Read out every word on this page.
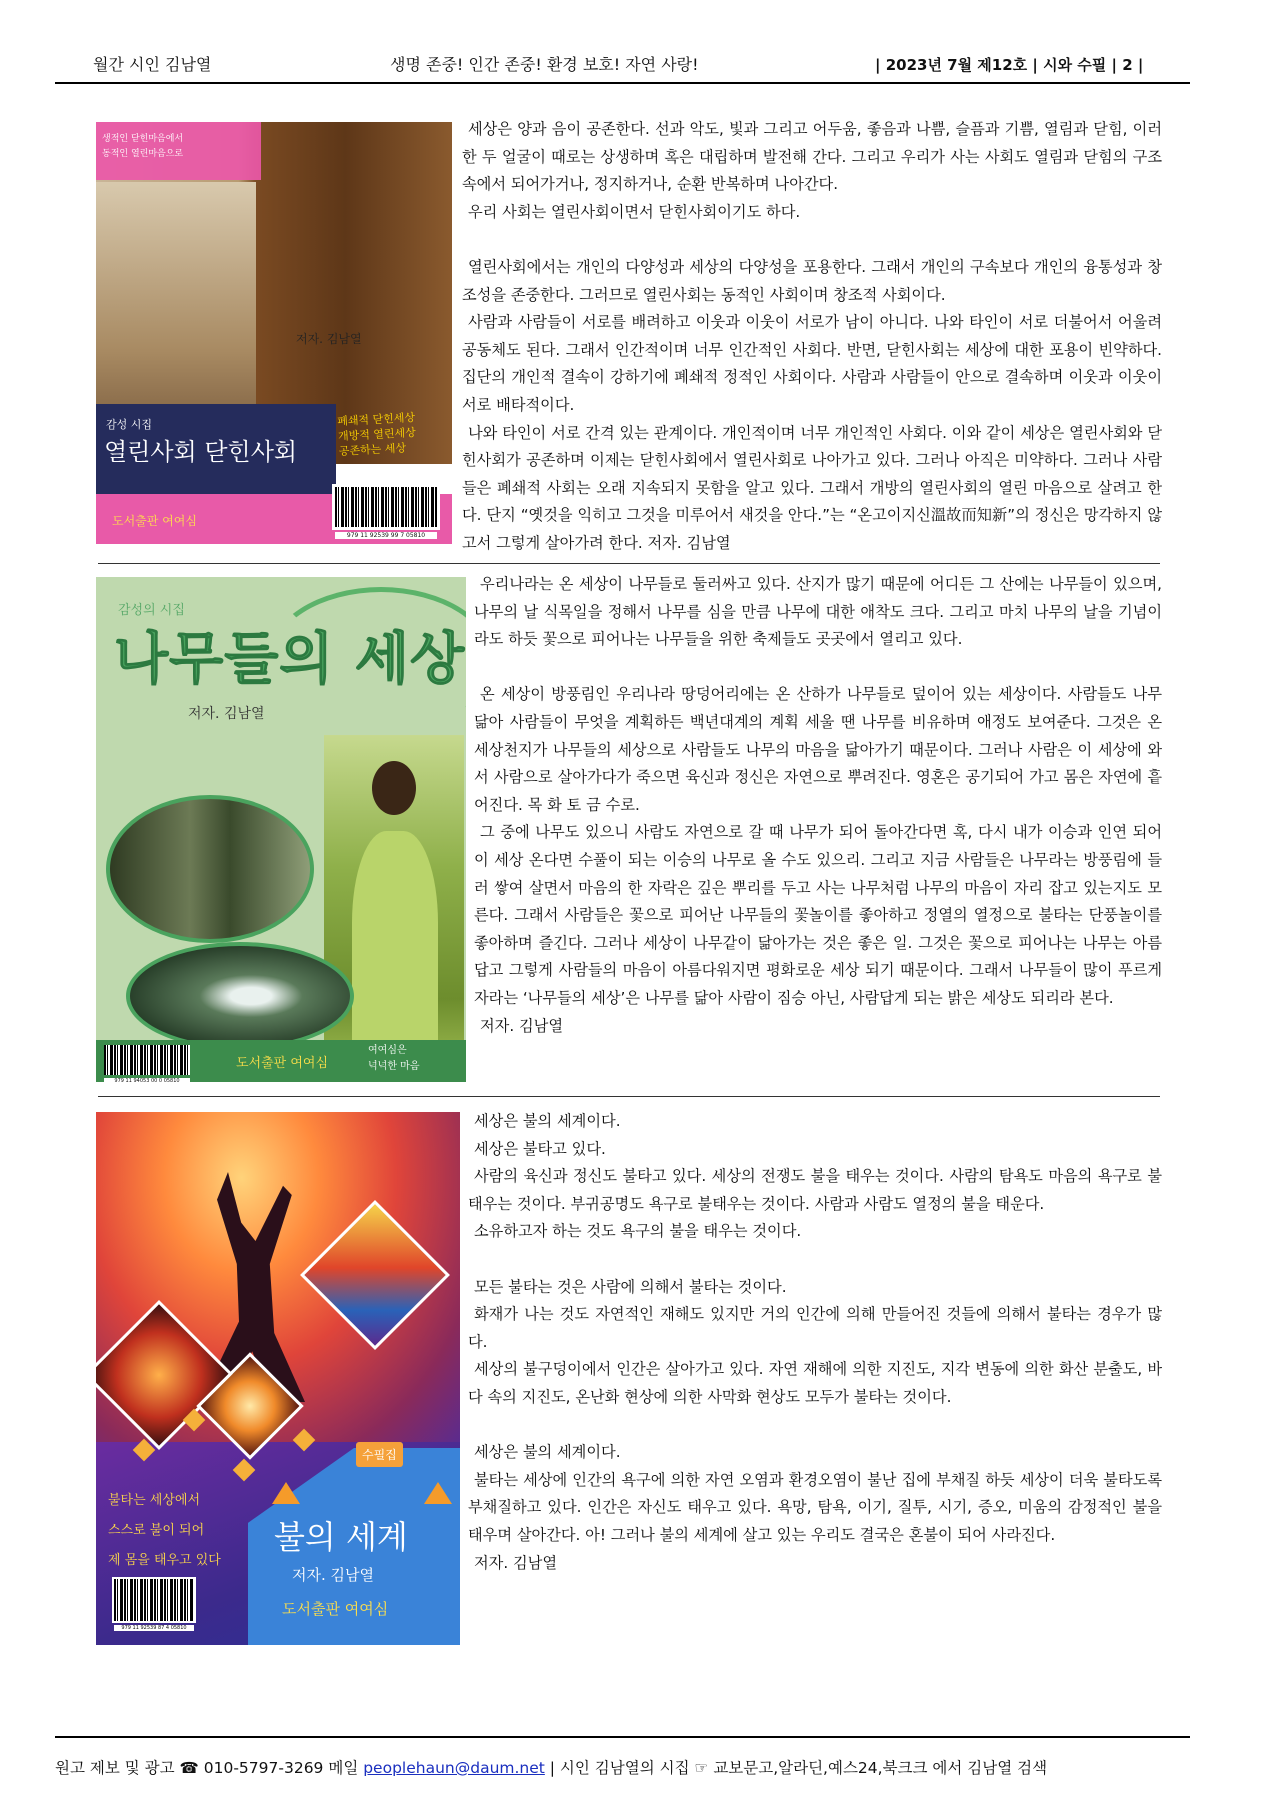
월간 시인 김남열	생명 존중! 인간 존중! 환경 보호! 자연 사랑!	| 2023년 7월 제12호 | 시와 수필 | 2 |
생적인 닫힌마음에서
동적인 열린마음으로
저자. 김남열
감성 시집
열린사회 닫힌사회
폐쇄적 닫힌세상
개방적 열린세상
공존하는 세상
도서출판 여여심
979 11 92539 99 7 05810

세상은 양과 음이 공존한다. 선과 악도, 빛과 그리고 어두움, 좋음과 나쁨, 슬픔과 기쁨, 열림과 닫힘, 이러한 두 얼굴이 때로는 상생하며 혹은 대립하며 발전해 간다. 그리고 우리가 사는 사회도 열림과 닫힘의 구조 속에서 되어가거나, 정지하거나, 순환 반복하며 나아간다.

우리 사회는 열린사회이면서 닫힌사회이기도 하다.

열린사회에서는 개인의 다양성과 세상의 다양성을 포용한다. 그래서 개인의 구속보다 개인의 융통성과 창조성을 존중한다. 그러므로 열린사회는 동적인 사회이며 창조적 사회이다.

사람과 사람들이 서로를 배려하고 이웃과 이웃이 서로가 남이 아니다. 나와 타인이 서로 더불어서 어울려 공동체도 된다. 그래서 인간적이며 너무 인간적인 사회다. 반면, 닫힌사회는 세상에 대한 포용이 빈약하다. 집단의 개인적 결속이 강하기에 폐쇄적 정적인 사회이다. 사람과 사람들이 안으로 결속하며 이웃과 이웃이 서로 배타적이다.

나와 타인이 서로 간격 있는 관계이다. 개인적이며 너무 개인적인 사회다. 이와 같이 세상은 열린사회와 닫힌사회가 공존하며 이제는 닫힌사회에서 열린사회로 나아가고 있다. 그러나 아직은 미약하다. 그러나 사람들은 폐쇄적 사회는 오래 지속되지 못함을 알고 있다. 그래서 개방의 열린사회의 열린 마음으로 살려고 한다. 단지 “옛것을 익히고 그것을 미루어서 새것을 안다.”는 “온고이지신溫故而知新”의 정신은 망각하지 않고서 그렇게 살아가려 한다. 저자. 김남열

감성의 시집
나무들의 세상
저자. 김남열
979 11 94053 00 0 05810
도서출판 여여심
여여심은
넉넉한 마음

우리나라는 온 세상이 나무들로 둘러싸고 있다. 산지가 많기 때문에 어디든 그 산에는 나무들이 있으며, 나무의 날 식목일을 정해서 나무를 심을 만큼 나무에 대한 애착도 크다. 그리고 마치 나무의 날을 기념이라도 하듯 꽃으로 피어나는 나무들을 위한 축제들도 곳곳에서 열리고 있다.

온 세상이 방풍림인 우리나라 땅덩어리에는 온 산하가 나무들로 덮이어 있는 세상이다. 사람들도 나무 닮아 사람들이 무엇을 계획하든 백년대계의 계획 세울 땐 나무를 비유하며 애정도 보여준다. 그것은 온 세상천지가 나무들의 세상으로 사람들도 나무의 마음을 닮아가기 때문이다. 그러나 사람은 이 세상에 와서 사람으로 살아가다가 죽으면 육신과 정신은 자연으로 뿌려진다. 영혼은 공기되어 가고 몸은 자연에 흩어진다. 목 화 토 금 수로.

그 중에 나무도 있으니 사람도 자연으로 갈 때 나무가 되어 돌아간다면 혹, 다시 내가 이승과 인연 되어 이 세상 온다면 수풀이 되는 이승의 나무로 올 수도 있으리. 그리고 지금 사람들은 나무라는 방풍림에 들러 쌓여 살면서 마음의 한 자락은 깊은 뿌리를 두고 사는 나무처럼 나무의 마음이 자리 잡고 있는지도 모른다. 그래서 사람들은 꽃으로 피어난 나무들의 꽃놀이를 좋아하고 정열의 열정으로 불타는 단풍놀이를 좋아하며 즐긴다. 그러나 세상이 나무같이 닮아가는 것은 좋은 일. 그것은 꽃으로 피어나는 나무는 아름답고 그렇게 사람들의 마음이 아름다워지면 평화로운 세상 되기 때문이다. 그래서 나무들이 많이 푸르게 자라는 ‘나무들의 세상’은 나무를 닮아 사람이 짐승 아닌, 사람답게 되는 밝은 세상도 되리라 본다.

저자. 김남열

수필집
불타는 세상에서
스스로 불이 되어
제 몸을 태우고 있다
불의 세계
저자. 김남열
도서출판 여여심
979 11 92539 87 4 05810

세상은 불의 세계이다.

세상은 불타고 있다.

사람의 육신과 정신도 불타고 있다. 세상의 전쟁도 불을 태우는 것이다. 사람의 탐욕도 마음의 욕구로 불태우는 것이다. 부귀공명도 욕구로 불태우는 것이다. 사람과 사람도 열정의 불을 태운다.

소유하고자 하는 것도 욕구의 불을 태우는 것이다.

모든 불타는 것은 사람에 의해서 불타는 것이다.

화재가 나는 것도 자연적인 재해도 있지만 거의 인간에 의해 만들어진 것들에 의해서 불타는 경우가 많다.

세상의 불구덩이에서 인간은 살아가고 있다. 자연 재해에 의한 지진도, 지각 변동에 의한 화산 분출도, 바다 속의 지진도, 온난화 현상에 의한 사막화 현상도 모두가 불타는 것이다.

세상은 불의 세계이다.

불타는 세상에 인간의 욕구에 의한 자연 오염과 환경오염이 불난 집에 부채질 하듯 세상이 더욱 불타도록 부채질하고 있다. 인간은 자신도 태우고 있다. 욕망, 탐욕, 이기, 질투, 시기, 증오, 미움의 감정적인 불을 태우며 살아간다. 아! 그러나 불의 세계에 살고 있는 우리도 결국은 혼불이 되어 사라진다.

저자. 김남열

원고 제보 및 광고 ☎ 010-5797-3269 메일 peoplehaun@daum.net | 시인 김남열의 시집 ☞ 교보문고,알라딘,예스24,북크크 에서 김남열 검색
